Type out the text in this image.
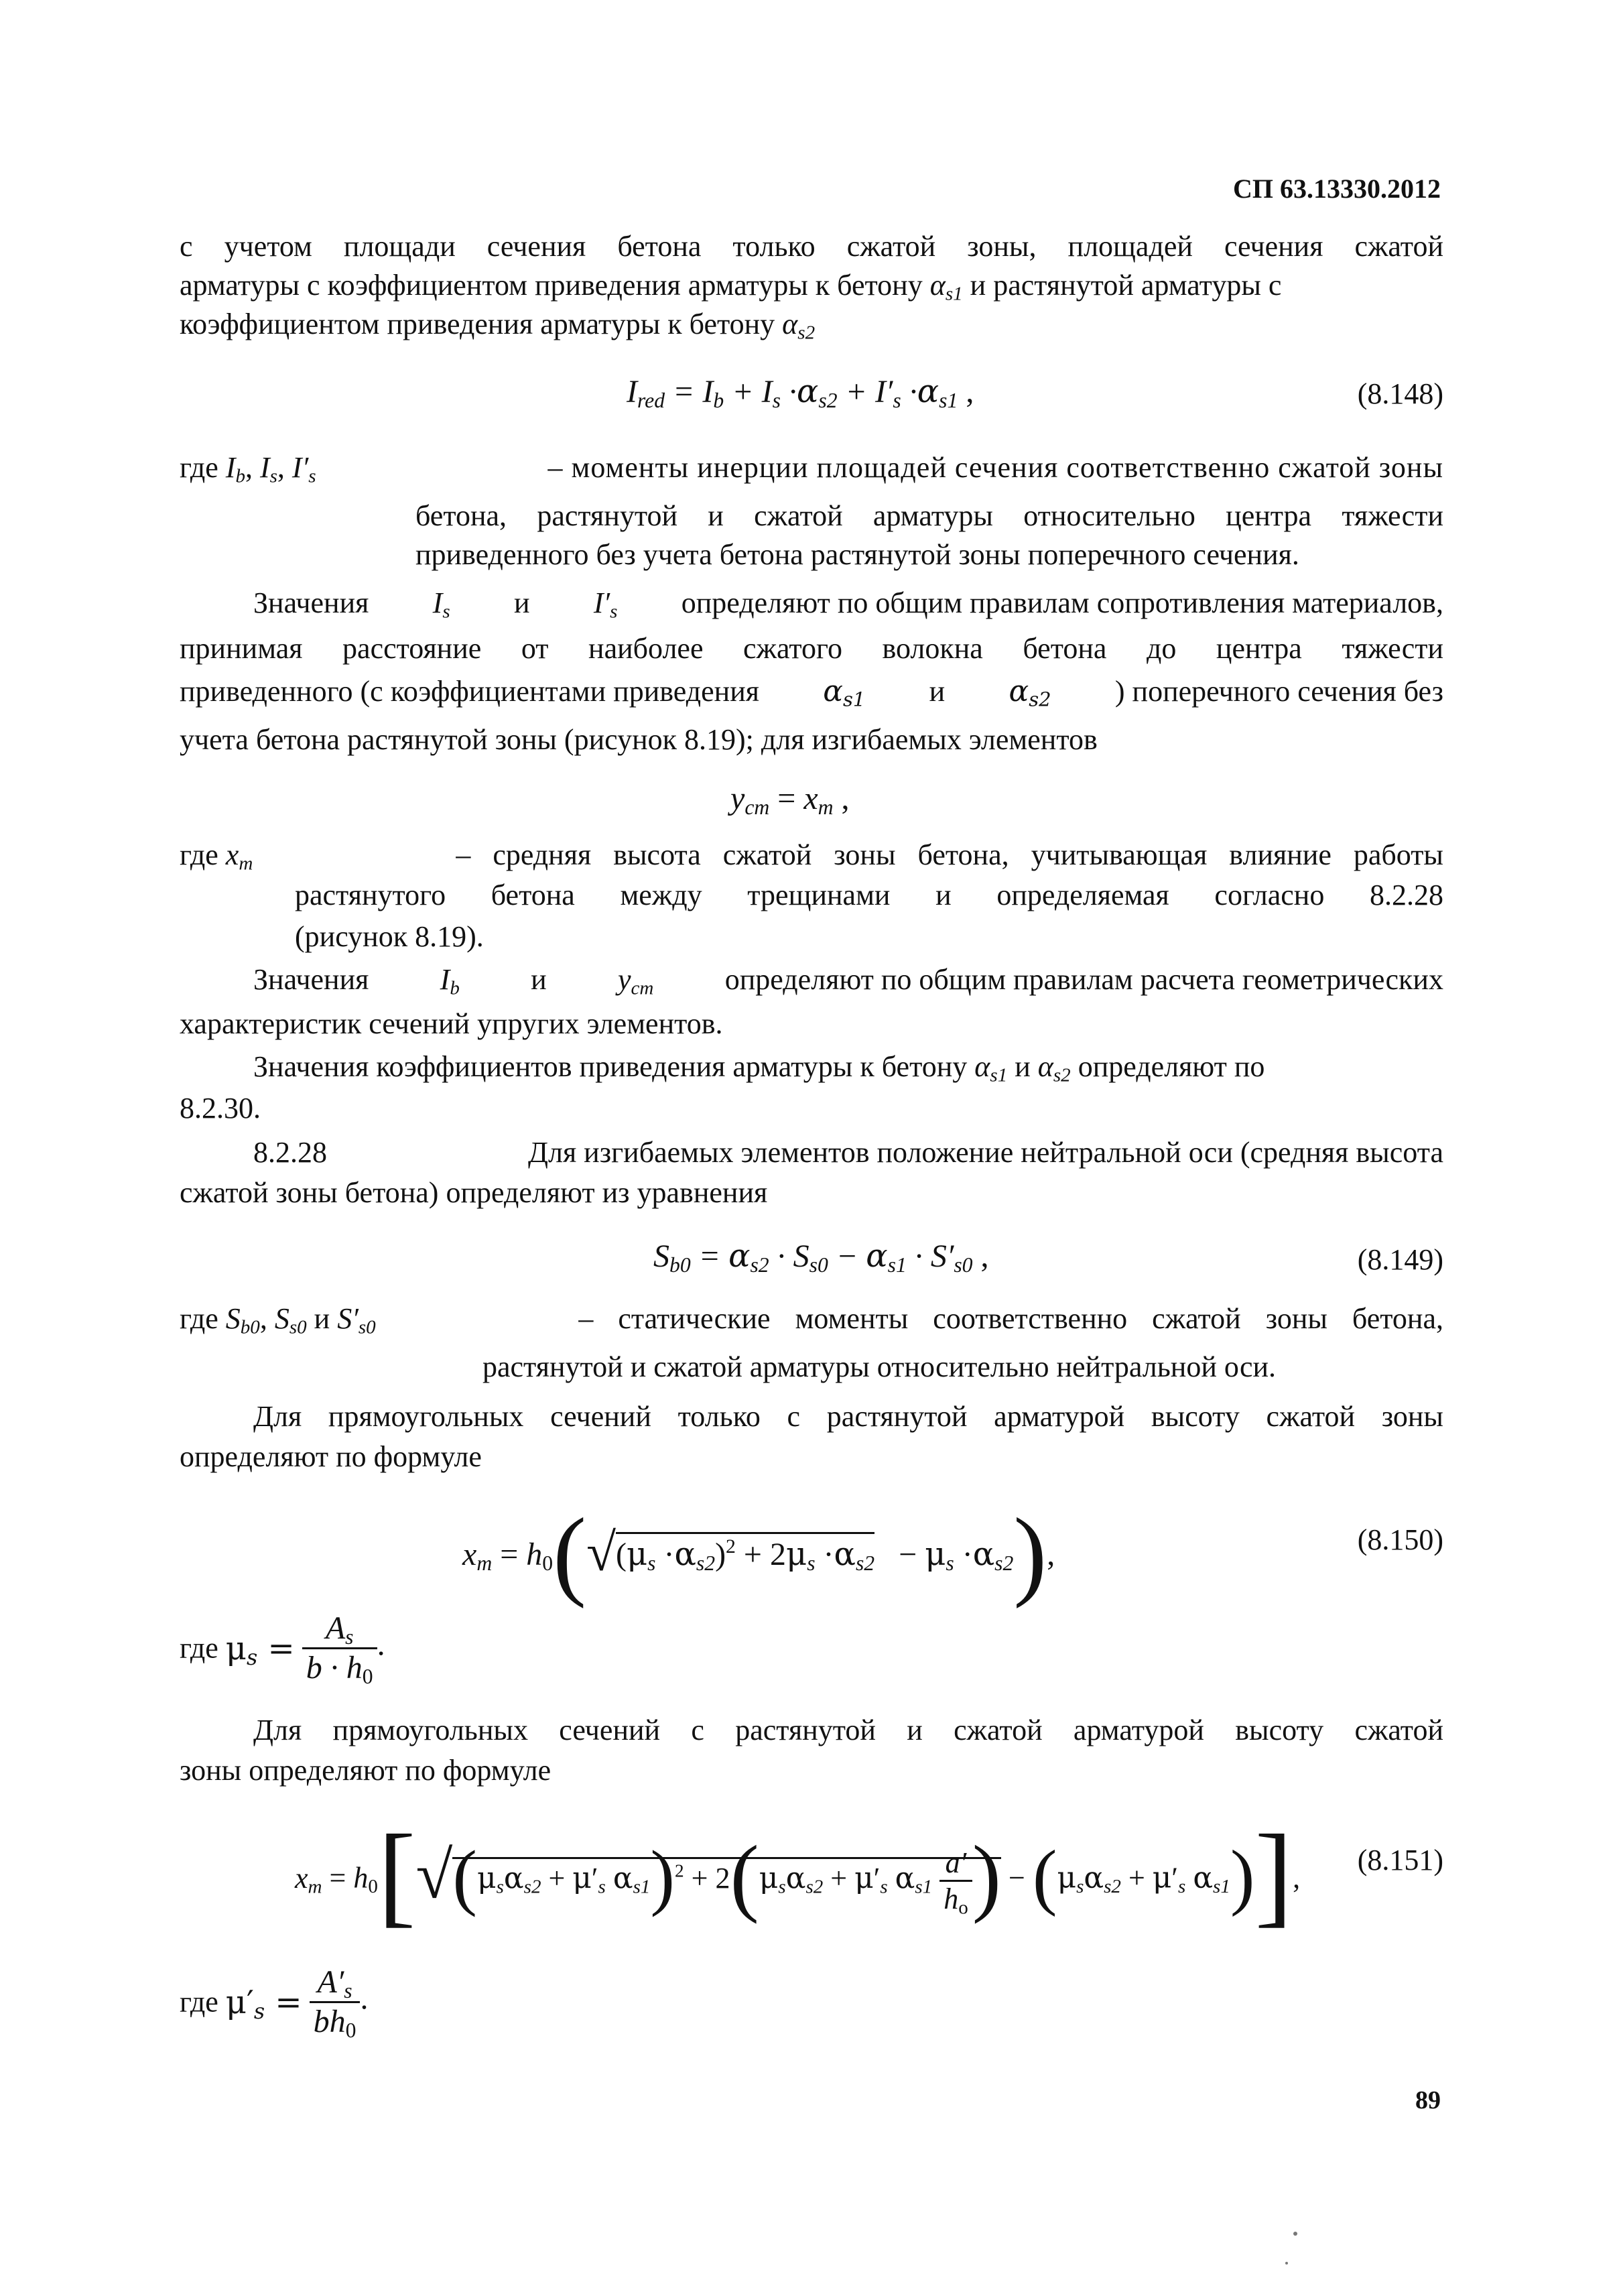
СП 63.13330.2012
с учетом площади сечения бетона только сжатой зоны, площадей сечения сжатой
арматуры с коэффициентом приведения арматуры к бетону $\alpha_{s1}$ и растянутой арматуры с
коэффициентом приведения арматуры к бетону $\alpha_{s2}$
$I_{red} = I_b + I_s \cdot\alpha_{s2} + I'_s \cdot\alpha_{s1}$ ,	(8.148)
где $I_b$, $I_s$, $I'_s$	– моменты инерции площадей сечения соответственно сжатой зоны
бетона, растянутой и сжатой арматуры относительно центра тяжести
приведенного без учета бетона растянутой зоны поперечного сечения.
Значения $I_s$ и $I'_s$ определяют по общим правилам сопротивления материалов,
принимая расстояние от наиболее сжатого волокна бетона до центра тяжести
приведенного (с коэффициентами приведения $\alpha_{s1}$ и $\alpha_{s2}$ ) поперечного сечения без
учета бетона растянутой зоны (рисунок 8.19); для изгибаемых элементов
$y_{cm} = x_m$ ,
где $x_m$	– средняя высота сжатой зоны бетона, учитывающая влияние работы
растянутого бетона между трещинами и определяемая согласно 8.2.28
(рисунок 8.19).
Значения $I_b$ и $y_{cm}$ определяют по общим правилам расчета геометрических
характеристик сечений упругих элементов.
Значения коэффициентов приведения арматуры к бетону $\alpha_{s1}$ и $\alpha_{s2}$ определяют по
8.2.30.
8.2.28	Для изгибаемых элементов положение нейтральной оси (средняя высота
сжатой зоны бетона) определяют из уравнения
$S_{b0} = \alpha_{s2} \cdot S_{s0} - \alpha_{s1} \cdot S'_{s0}$ ,	(8.149)
где $S_{b0}$, $S_{s0}$ и $S'_{s0}$	– статические моменты соответственно сжатой зоны бетона,
растянутой и сжатой арматуры относительно нейтральной оси.
Для прямоугольных сечений только с растянутой арматурой высоту сжатой зоны
определяют по формуле
$x_m = h_0(√(\mu_s \cdot\alpha_{s2})^2 + 2\mu_s \cdot\alpha_{s2} - \mu_s \cdot\alpha_{s2})$,	(8.150)
где $\mu_s = \frac{A_s}{b \cdot h_0}$ .
Для прямоугольных сечений с растянутой и сжатой арматурой высоту сжатой
зоны определяют по формуле
$x_m = h_0[√(\mu_s\alpha_{s2} + \mu'_s$ $\alpha_{s1})^2 + 2(\mu_s\alpha_{s2} + \mu'_s$ $\alpha_{s1} \frac{a'}{h_o}$ ) − ($\mu_s\alpha_{s2} + \mu'_s$ $\alpha_{s1}$)],
(8.151)
где $\mu'_s = \frac{A'_s}{bh_0}$ .
89
